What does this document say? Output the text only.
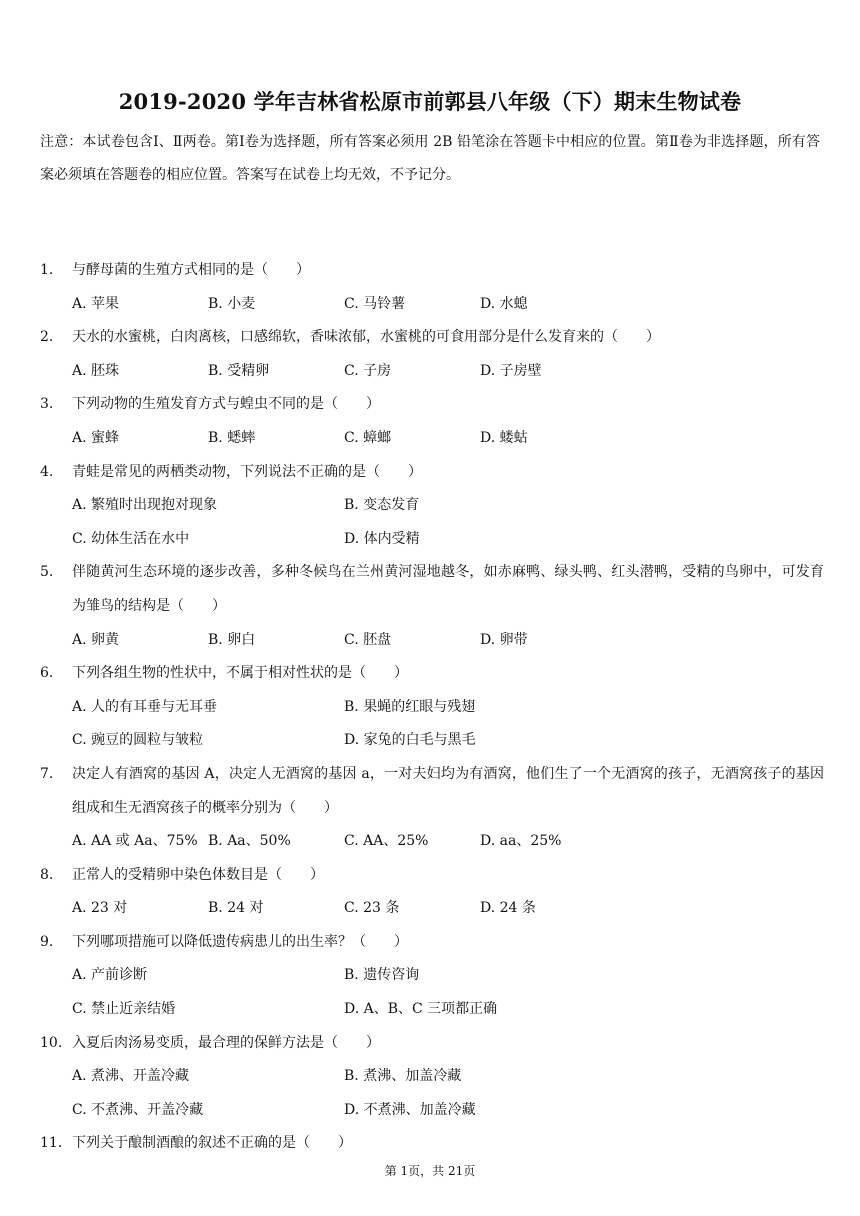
2019-2020 学年吉林省松原市前郭县八年级（下）期末生物试卷
注意：本试卷包含Ⅰ、Ⅱ两卷。第Ⅰ卷为选择题，所有答案必须用 2B 铅笔涂在答题卡中相应的位置。第Ⅱ卷为非选择题，所有答案必须填在答题卷的相应位置。答案写在试卷上均无效，不予记分。
1. 与酵母菌的生殖方式相同的是（　　）
A. 苹果	B. 小麦	C. 马铃薯	D. 水螅
2. 天水的水蜜桃，白肉离核，口感绵软，香味浓郁，水蜜桃的可食用部分是什么发育来的（　　）
A. 胚珠	B. 受精卵	C. 子房	D. 子房壁
3. 下列动物的生殖发育方式与蝗虫不同的是（　　）
A. 蜜蜂	B. 蟋蟀	C. 蟑螂	D. 蝼蛄
4. 青蛙是常见的两栖类动物，下列说法不正确的是（　　）
A. 繁殖时出现抱对现象	B. 变态发育
C. 幼体生活在水中	D. 体内受精
5. 伴随黄河生态环境的逐步改善，多种冬候鸟在兰州黄河湿地越冬，如赤麻鸭、绿头鸭、红头潜鸭，受精的鸟卵中，可发育为雏鸟的结构是（　　）
A. 卵黄	B. 卵白	C. 胚盘	D. 卵带
6. 下列各组生物的性状中，不属于相对性状的是（　　）
A. 人的有耳垂与无耳垂	B. 果蝇的红眼与残翅
C. 豌豆的圆粒与皱粒	D. 家兔的白毛与黑毛
7. 决定人有酒窝的基因 A，决定人无酒窝的基因 a，一对夫妇均为有酒窝，他们生了一个无酒窝的孩子，无酒窝孩子的基因组成和生无酒窝孩子的概率分别为（　　）
A. AA 或 Aa、75% B. Aa、50%	C. AA、25%	D. aa、25%
8. 正常人的受精卵中染色体数目是（　　）
A. 23 对	B. 24 对	C. 23 条	D. 24 条
9. 下列哪项措施可以降低遗传病患儿的出生率？（　　）
A. 产前诊断	B. 遗传咨询
C. 禁止近亲结婚	D. A、B、C 三项都正确
10. 入夏后肉汤易变质，最合理的保鲜方法是（　　）
A. 煮沸、开盖冷藏	B. 煮沸、加盖冷藏
C. 不煮沸、开盖冷藏	D. 不煮沸、加盖冷藏
11. 下列关于酿制酒酿的叙述不正确的是（　　）
第 1页，共 21页
